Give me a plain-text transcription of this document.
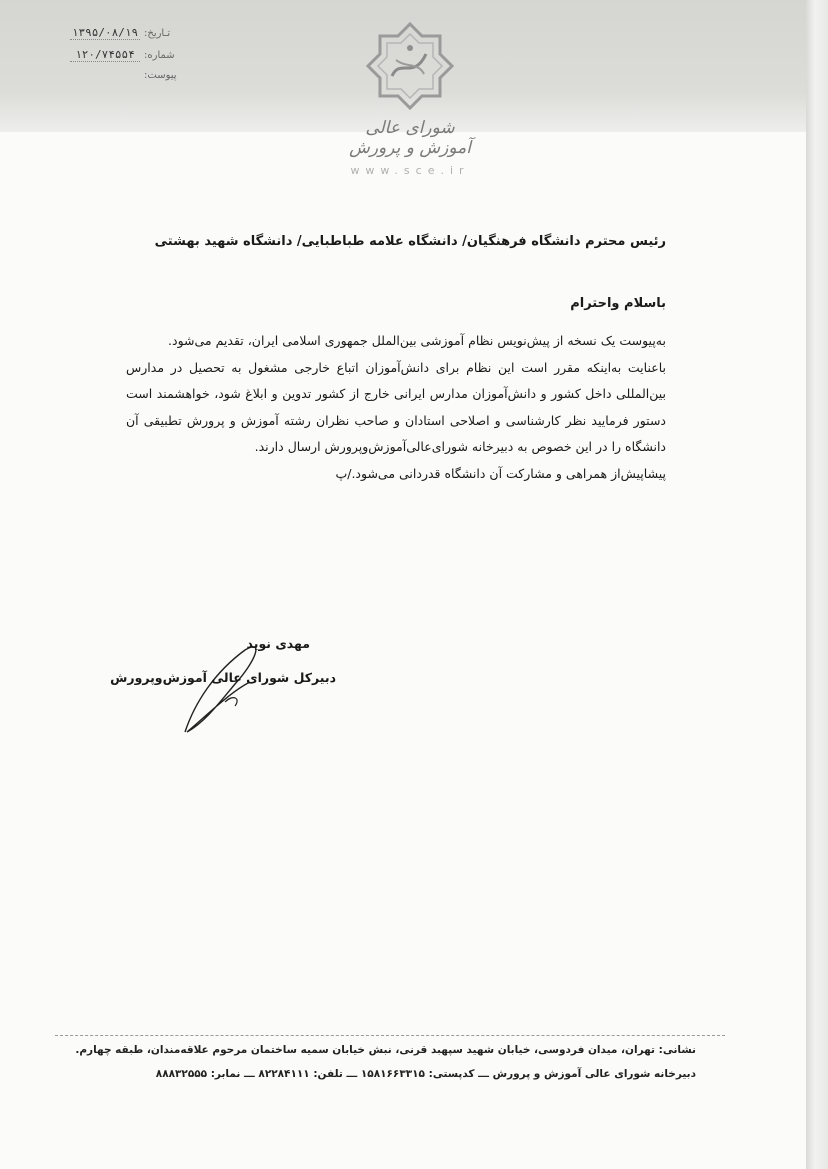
تـاریخ:
۱۳۹۵/۰۸/۱۹
شماره:
۱۲۰/۷۴۵۵۴
پیوست:
شورای عالی آموزش و پرورش
www.sce.ir
رئیس محترم دانشگاه فرهنگیان/ دانشگاه علامه طباطبایی/ دانشگاه شهید بهشتی
باسلام واحترام

به‌پیوست یک نسخه از پیش‌نویس نظام آموزشی بین‌الملل جمهوری اسلامی ایران، تقدیم می‌شود.

باعنایت به‌اینکه مقرر است این نظام برای دانش‌آموزان اتباع خارجی مشغول به تحصیل در مدارس بین‌المللی داخل کشور و دانش‌آموزان مدارس ایرانی خارج از کشور تدوین و ابلاغ شود، خواهشمند است دستور فرمایید نظر کارشناسی و اصلاحی استادان و صاحب نظران رشته آموزش و پرورش تطبیقی آن دانشگاه را در این خصوص به دبیرخانه شورای‌عالی‌آموزش‌وپرورش ارسال دارند.

پیشاپیش‌از همراهی و مشارکت آن دانشگاه قدردانی می‌شود./پ

مهدی نوید
دبیرکل شورای عالی آموزش‌وپرورش
نشانی: تهران، میدان فردوسی، خیابان شهید سپهبد قرنی، نبش خیابان سمیه ساختمان مرحوم علاقه‌مندان، طبقه چهارم.
دبیرخانه شورای عالی آموزش و پرورش ـــ کدپستی: ۱۵۸۱۶۶۳۳۱۵ ـــ تلفن: ۸۲۲۸۴۱۱۱ ـــ نمابر: ۸۸۸۳۲۵۵۵
